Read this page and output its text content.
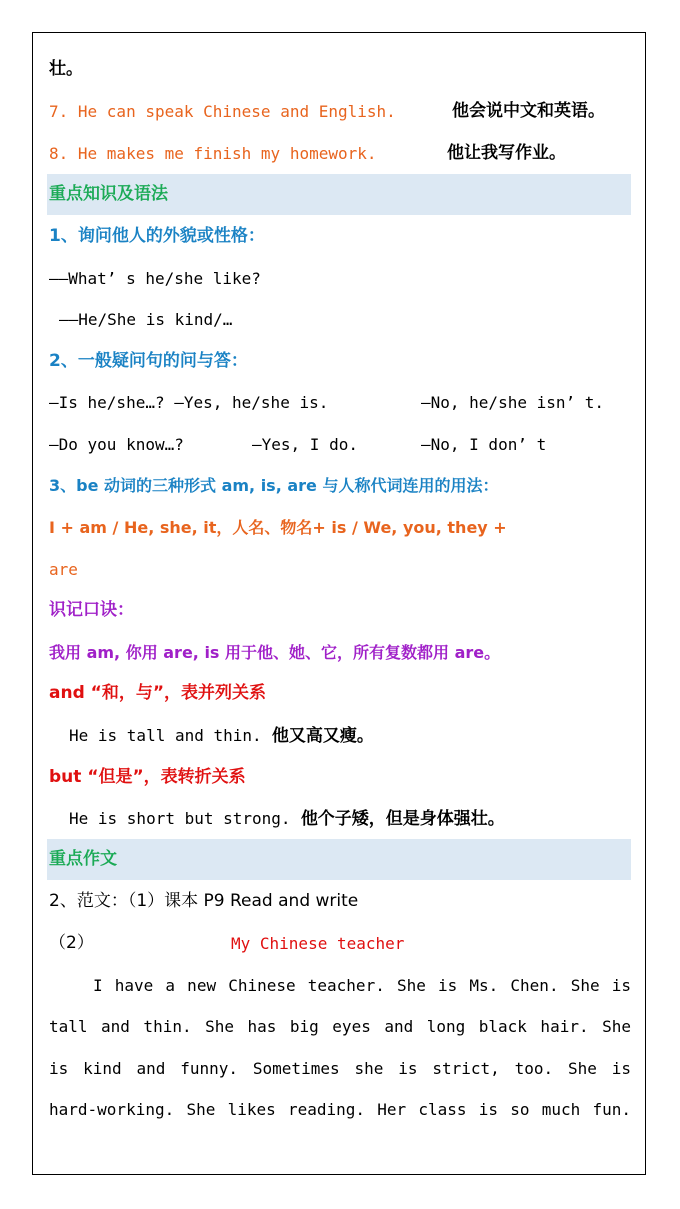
壮。
7. He can speak Chinese and English.	他会说中文和英语。
8. He makes me finish my homework.	他让我写作业。
重点知识及语法
1、询问他人的外貌或性格：
——What’ s he/she like?
——He/She is kind/…
2、一般疑问句的问与答：
—Is he/she…? —Yes, he/she is.	—No, he/she isn’ t.
—Do you know…?	—Yes, I do.	—No, I don’ t
3、be 动词的三种形式 am, is, are 与人称代词连用的用法：
I + am / He, she, it，人名、物名+ is / We, you, they +
are
识记口诀：
我用 am, 你用 are, is 用于他、她、它，所有复数都用 are。
and “和，与”，表并列关系
He is tall and thin. 他又高又瘦。
but “但是”，表转折关系
He is short but strong. 他个子矮，但是身体强壮。
重点作文
2、范文：（1）课本 P9 Read and write
（2）	My Chinese teacher
I have a new Chinese teacher. She is Ms. Chen. She is
tall and thin. She has big eyes and long black hair. She
is kind and funny. Sometimes she is strict, too. She is
hard-working. She likes reading. Her class is so much fun.
